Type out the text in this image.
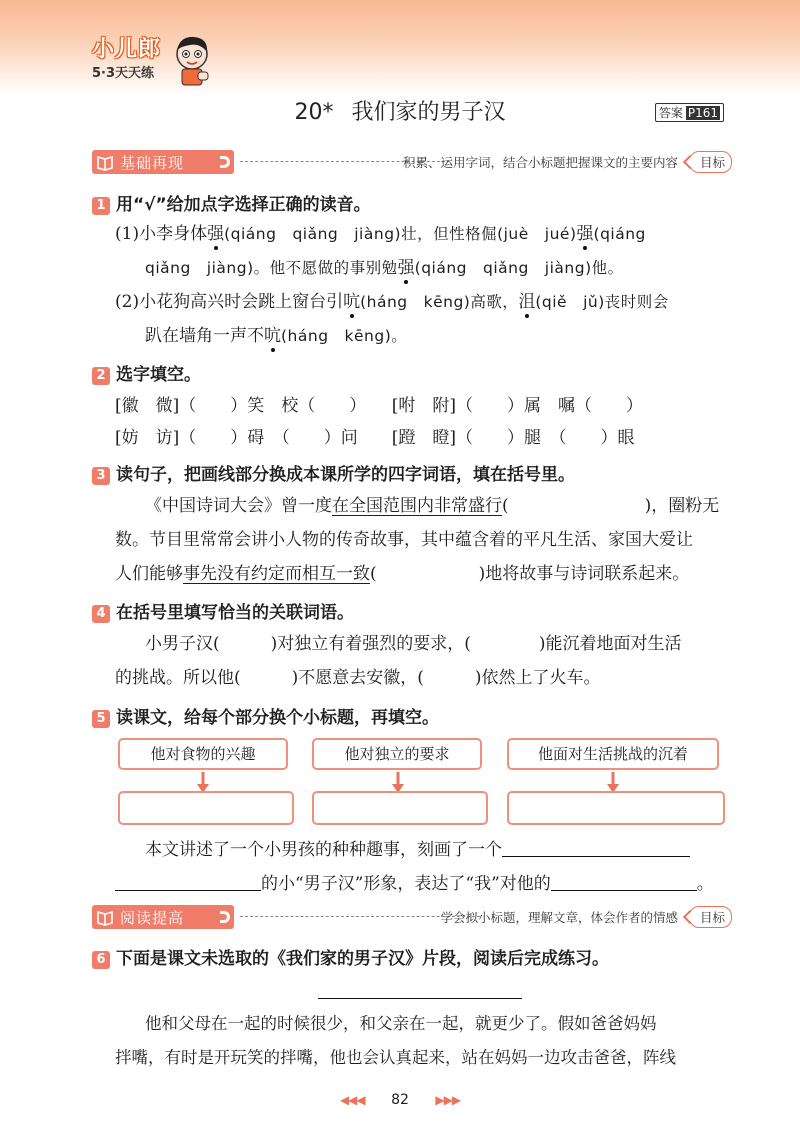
小儿郎
5·3天天练
20* 我们家的男子汉	答案 P161
基础再现	积累、运用字词，结合小标题把握课文的主要内容	目标
1 用“√”给加点字选择正确的读音。
(1)小李身体强(qiáng　qiǎng　jiàng)壮，但性格倔(juè　jué)强(qiáng
qiǎng　jiàng)。他不愿做的事别勉强(qiáng　qiǎng　jiàng)他。
(2)小花狗高兴时会跳上窗台引吭(háng　kēng)高歌，沮(qiě　jǔ)丧时则会
趴在墙角一声不吭(háng　kēng)。
2 选字填空。
[徽　微]（　　）笑　校（　　）　　[咐　附]（　　）属　嘱（　　）
[妨　访]（　　）碍　（　　）问　　[蹬　瞪]（　　）腿　（　　）眼
3 读句子，把画线部分换成本课所学的四字词语，填在括号里。
《中国诗词大会》曾一度在全国范围内非常盛行(　　　　　　　　)，圈粉无
数。节目里常常会讲小人物的传奇故事，其中蕴含着的平凡生活、家国大爱让
人们能够事先没有约定而相互一致(　　　　　　)地将故事与诗词联系起来。
4 在括号里填写恰当的关联词语。
小男子汉(　　　)对独立有着强烈的要求，(　　　　)能沉着地面对生活
的挑战。所以他(　　　)不愿意去安徽，(　　　)依然上了火车。
5 读课文，给每个部分换个小标题，再填空。
他对食物的兴趣	他对独立的要求	他面对生活挑战的沉着
本文讲述了一个小男孩的种种趣事，刻画了一个
的小“男子汉”形象，表达了“我”对他的	。
阅读提高	学会拟小标题，理解文章，体会作者的情感	目标
6 下面是课文未选取的《我们家的男子汉》片段，阅读后完成练习。
他和父母在一起的时候很少，和父亲在一起，就更少了。假如爸爸妈妈
拌嘴，有时是开玩笑的拌嘴，他也会认真起来，站在妈妈一边攻击爸爸，阵线
◀◀◀ 82 ▶▶▶
